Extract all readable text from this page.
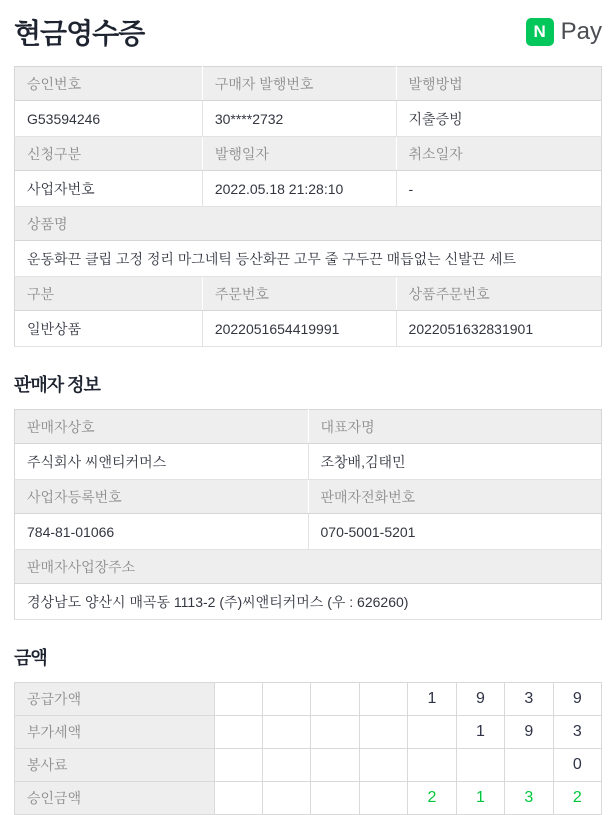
현금영수증	N Pay
승인번호	구매자 발행번호	발행방법
G53594246	30****2732	지출증빙
신청구분	발행일자	취소일자
사업자번호	2022.05.18 21:28:10	-
상품명		
운동화끈 클립 고정 정리 마그네틱 등산화끈 고무 줄 구두끈 매듭없는 신발끈 세트		
구분	주문번호	상품주문번호
일반상품	2022051654419991	2022051632831901
판매자 정보
판매자상호	대표자명
주식회사 씨앤티커머스	조창배,김태민
사업자등록번호	판매자전화번호
784-81-01066	070-5001-5201
판매자사업장주소	
경상남도 양산시 매곡동 1113-2 (주)씨앤티커머스 (우 : 626260)	
금액
공급가액					1	9	3	9
부가세액						1	9	3
봉사료								0
승인금액					2	1	3	2
